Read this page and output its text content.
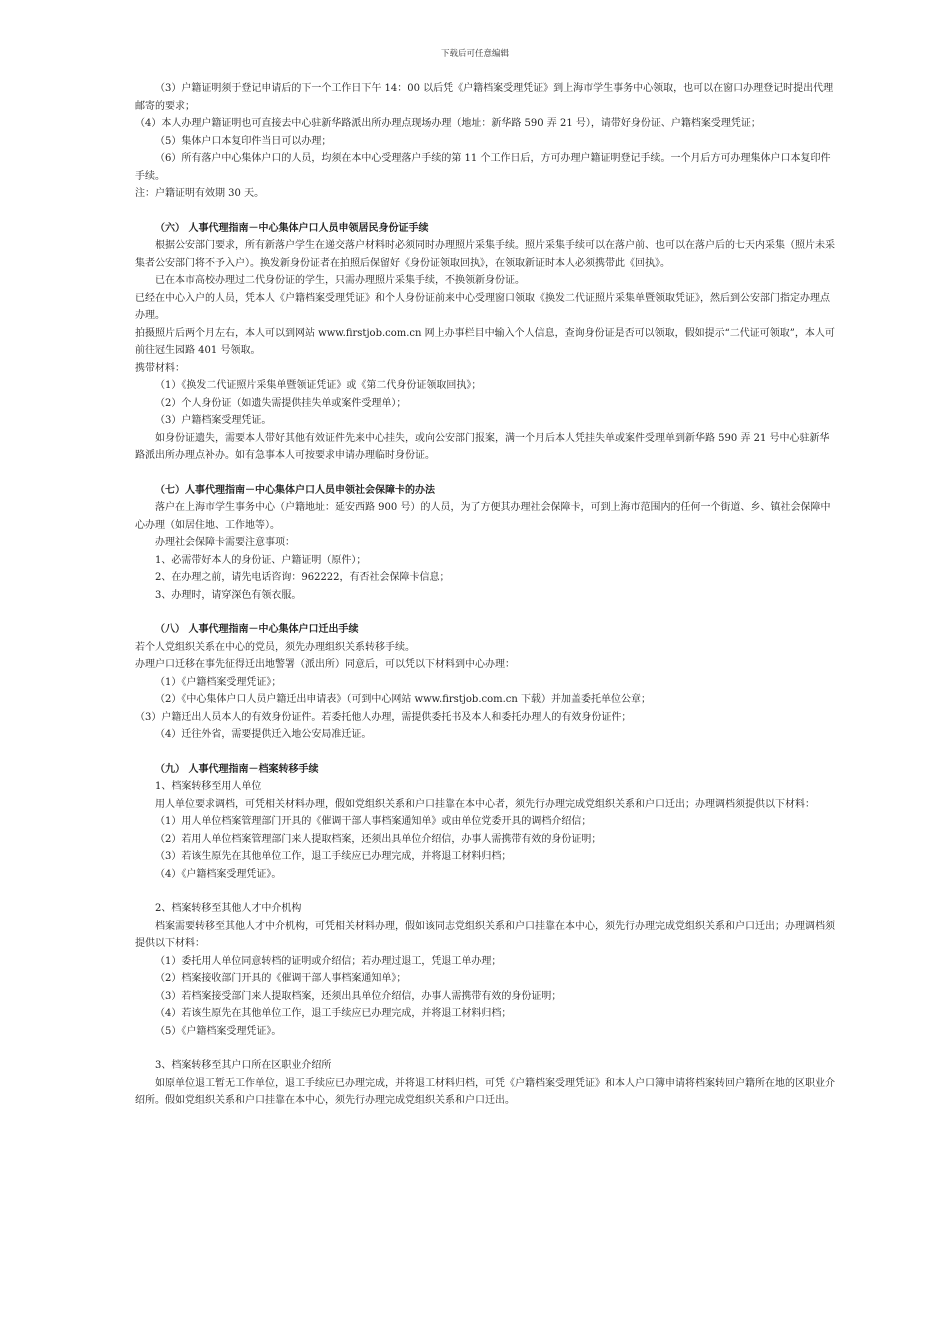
下载后可任意编辑

（3）户籍证明须于登记申请后的下一个工作日下午 14：00 以后凭《户籍档案受理凭证》到上海市学生事务中心领取，也可以在窗口办理登记时提出代理邮寄的要求；

（4）本人办理户籍证明也可直接去中心驻新华路派出所办理点现场办理（地址：新华路 590 弄 21 号），请带好身份证、户籍档案受理凭证；

（5）集体户口本复印件当日可以办理；

（6）所有落户中心集体户口的人员，均须在本中心受理落户手续的第 11 个工作日后，方可办理户籍证明登记手续。一个月后方可办理集体户口本复印件手续。

注：户籍证明有效期 30 天。

（六） 人事代理指南－中心集体户口人员申领居民身份证手续

根据公安部门要求，所有新落户学生在递交落户材料时必须同时办理照片采集手续。照片采集手续可以在落户前、也可以在落户后的七天内采集（照片未采集者公安部门将不予入户）。换发新身份证者在拍照后保留好《身份证领取回执》，在领取新证时本人必须携带此《回执》。

已在本市高校办理过二代身份证的学生，只需办理照片采集手续，不换领新身份证。

已经在中心入户的人员，凭本人《户籍档案受理凭证》和个人身份证前来中心受理窗口领取《换发二代证照片采集单暨领取凭证》，然后到公安部门指定办理点办理。

拍摄照片后两个月左右，本人可以到网站 www.firstjob.com.cn 网上办事栏目中输入个人信息，查询身份证是否可以领取，假如提示“二代证可领取”，本人可前往冠生园路 401 号领取。

携带材料：

（1）《换发二代证照片采集单暨领证凭证》或《第二代身份证领取回执》；

（2）个人身份证（如遗失需提供挂失单或案件受理单）；

（3）户籍档案受理凭证。

如身份证遗失，需要本人带好其他有效证件先来中心挂失，或向公安部门报案，满一个月后本人凭挂失单或案件受理单到新华路 590 弄 21 号中心驻新华路派出所办理点补办。如有急事本人可按要求申请办理临时身份证。

（七）人事代理指南－中心集体户口人员申领社会保障卡的办法

落户在上海市学生事务中心（户籍地址：延安西路 900 号）的人员，为了方便其办理社会保障卡，可到上海市范围内的任何一个街道、乡、镇社会保障中心办理（如居住地、工作地等）。

办理社会保障卡需要注意事项：

1、必需带好本人的身份证、户籍证明（原件）；

2、在办理之前，请先电话咨询：962222，有否社会保障卡信息；

3、办理时，请穿深色有领衣服。

（八） 人事代理指南－中心集体户口迁出手续

若个人党组织关系在中心的党员，须先办理组织关系转移手续。

办理户口迁移在事先征得迁出地警署（派出所）同意后，可以凭以下材料到中心办理：

（1）《户籍档案受理凭证》；

（2）《中心集体户口人员户籍迁出申请表》（可到中心网站 www.firstjob.com.cn 下载）并加盖委托单位公章；

（3）户籍迁出人员本人的有效身份证件。若委托他人办理，需提供委托书及本人和委托办理人的有效身份证件；

（4）迁往外省，需要提供迁入地公安局准迁证。

（九） 人事代理指南－档案转移手续

1、档案转移至用人单位

用人单位要求调档，可凭相关材料办理，假如党组织关系和户口挂靠在本中心者，须先行办理完成党组织关系和户口迁出；办理调档须提供以下材料：

（1）用人单位档案管理部门开具的《催调干部人事档案通知单》或由单位党委开具的调档介绍信；

（2）若用人单位档案管理部门来人提取档案，还须出具单位介绍信，办事人需携带有效的身份证明；

（3）若该生原先在其他单位工作，退工手续应已办理完成，并将退工材料归档；

（4）《户籍档案受理凭证》。

2、档案转移至其他人才中介机构

档案需要转移至其他人才中介机构，可凭相关材料办理，假如该同志党组织关系和户口挂靠在本中心，须先行办理完成党组织关系和户口迁出；办理调档须提供以下材料：

（1）委托用人单位同意转档的证明或介绍信；若办理过退工，凭退工单办理；

（2）档案接收部门开具的《催调干部人事档案通知单》；

（3）若档案接受部门来人提取档案，还须出具单位介绍信，办事人需携带有效的身份证明；

（4）若该生原先在其他单位工作，退工手续应已办理完成，并将退工材料归档；

（5）《户籍档案受理凭证》。

3、档案转移至其户口所在区职业介绍所

如原单位退工暂无工作单位，退工手续应已办理完成，并将退工材料归档，可凭《户籍档案受理凭证》和本人户口簿申请将档案转回户籍所在地的区职业介绍所。假如党组织关系和户口挂靠在本中心，须先行办理完成党组织关系和户口迁出。
